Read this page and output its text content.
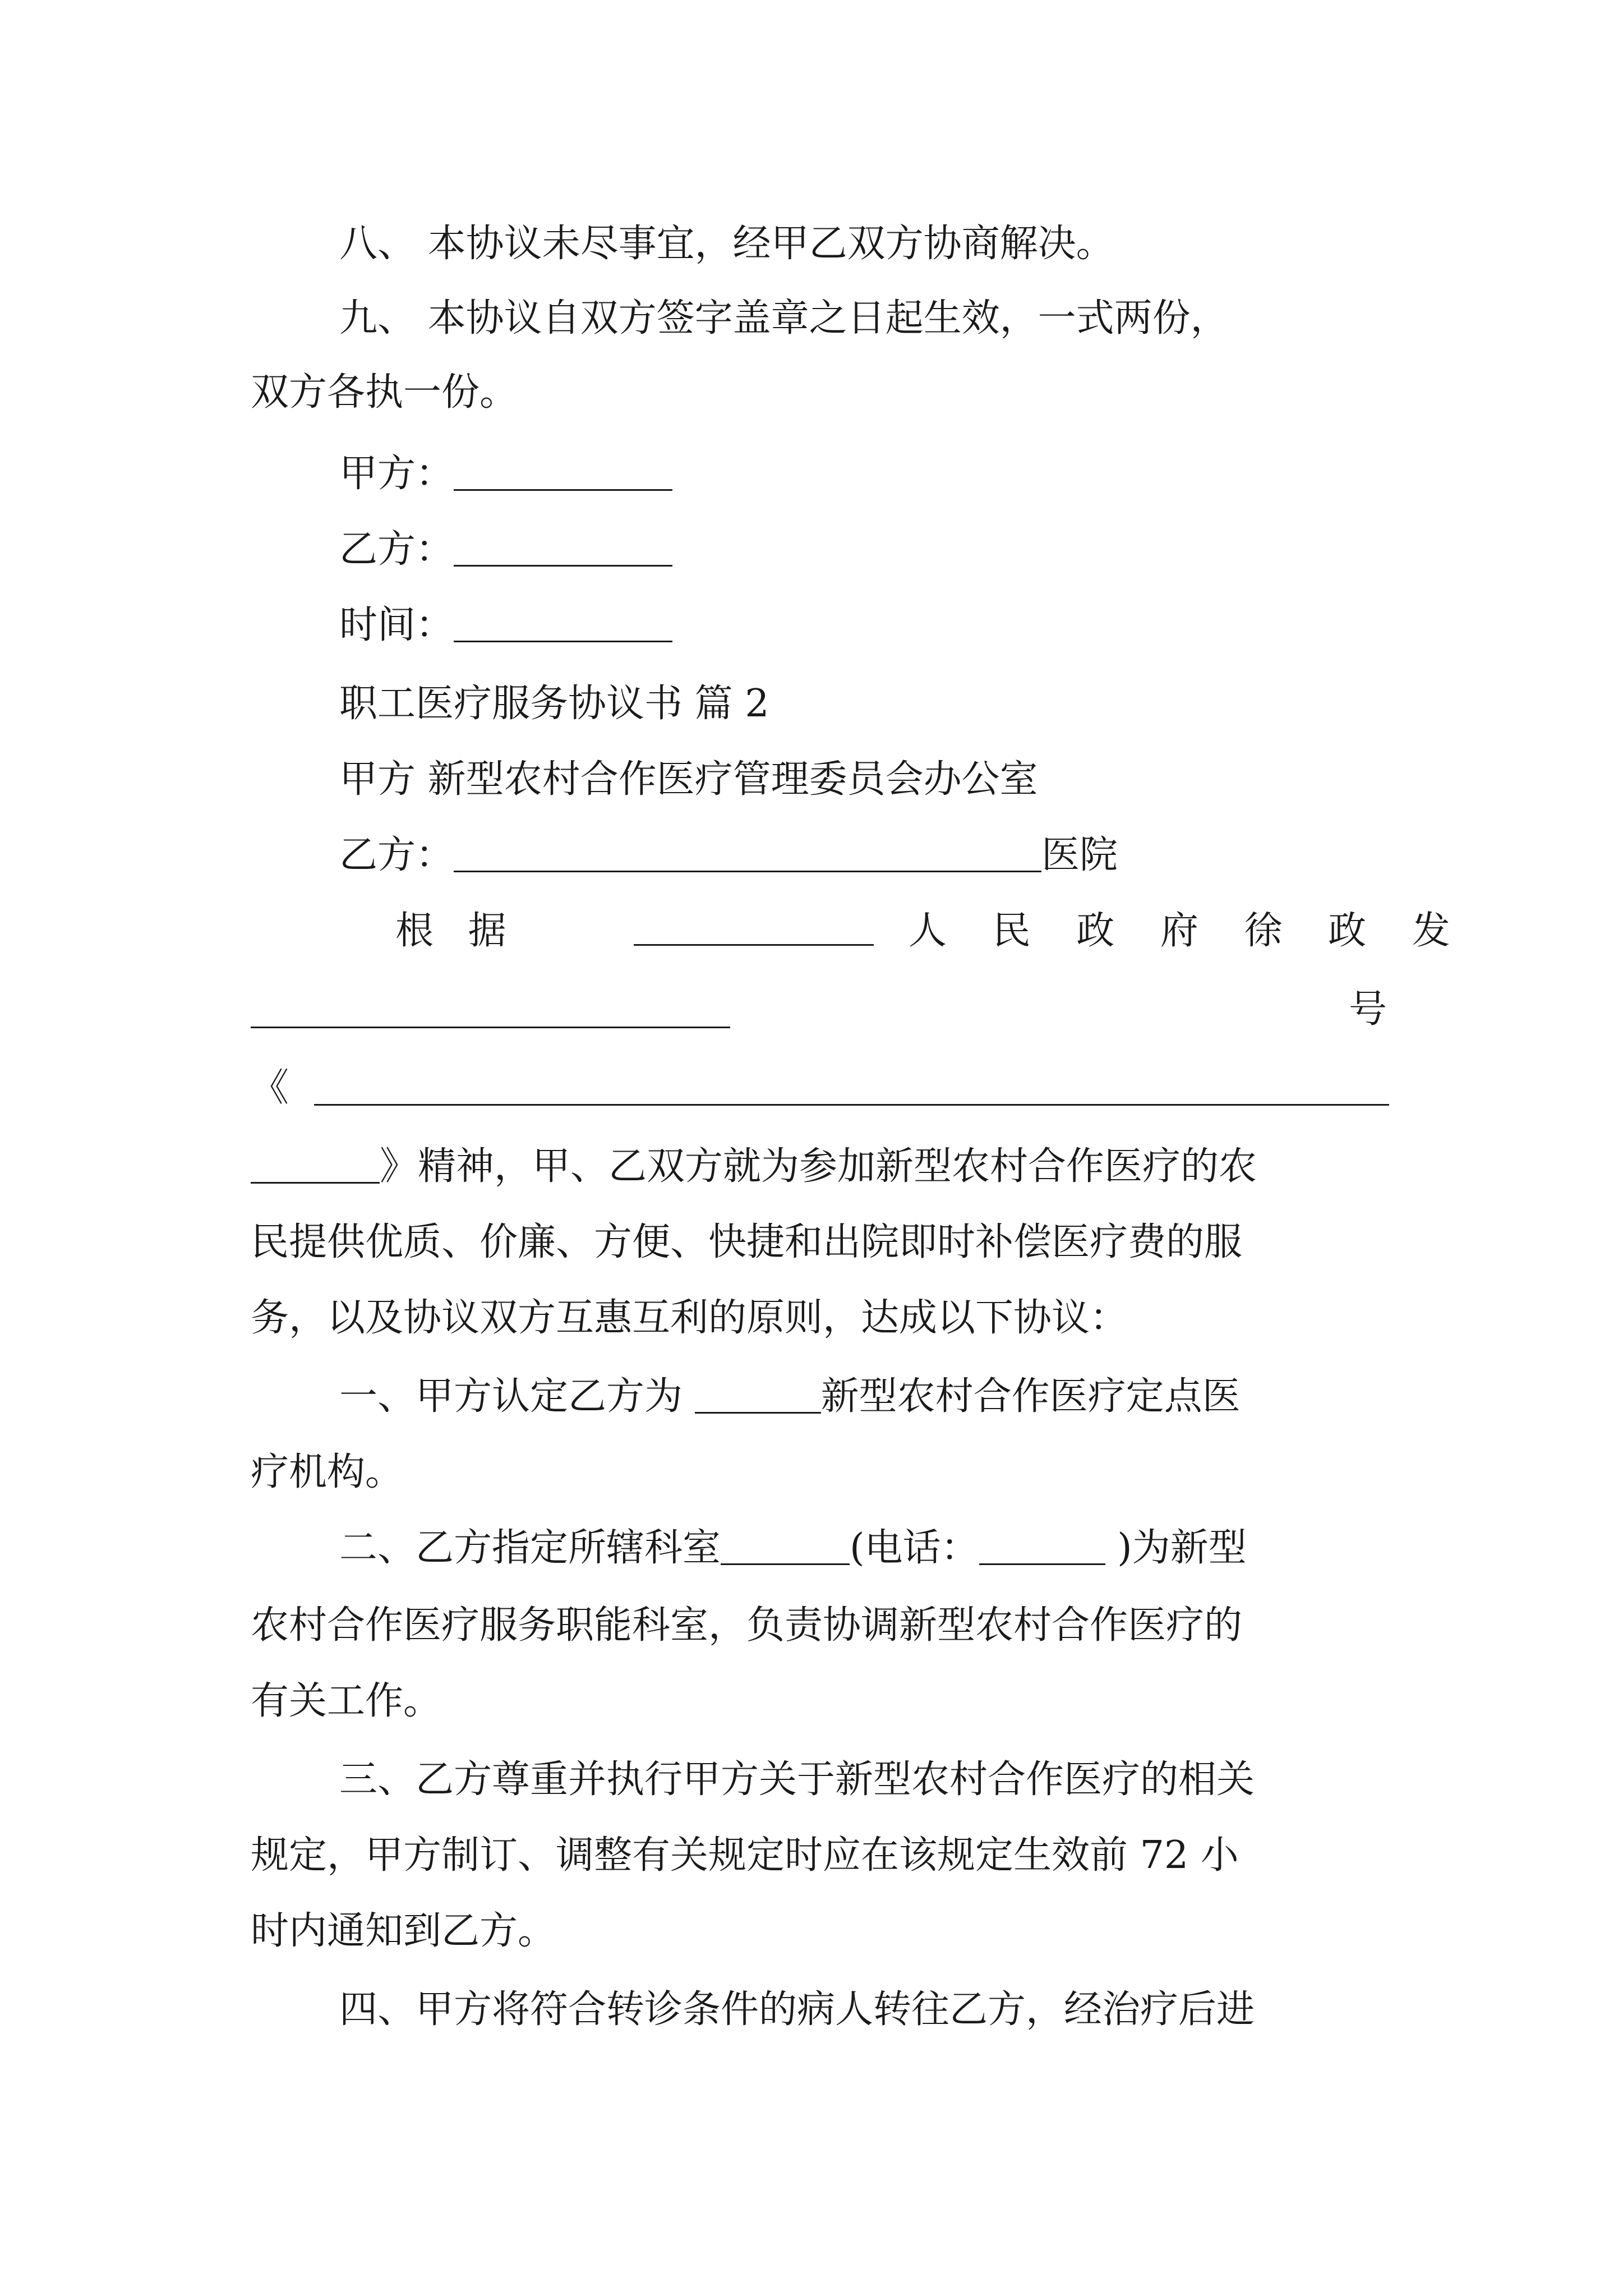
八、 本协议未尽事宜，经甲乙双方协商解决。
九、 本协议自双方签字盖章之日起生效，一式两份，
双方各执一份。
甲方：
乙方：
时间：
职工医疗服务协议书 篇 2
甲方 新型农村合作医疗管理委员会办公室
乙方：	医院
根 据	人 民 政 府 徐 政 发
号
《
》精神，甲、乙双方就为参加新型农村合作医疗的农
民提供优质、价廉、方便、快捷和出院即时补偿医疗费的服
务，以及协议双方互惠互利的原则，达成以下协议：
一、甲方认定乙方为	新型农村合作医疗定点医
疗机构。
二、乙方指定所辖科室	(电话：	)为新型
农村合作医疗服务职能科室，负责协调新型农村合作医疗的
有关工作。
三、乙方尊重并执行甲方关于新型农村合作医疗的相关
规定，甲方制订、调整有关规定时应在该规定生效前 72 小
时内通知到乙方。
四、甲方将符合转诊条件的病人转往乙方，经治疗后进
